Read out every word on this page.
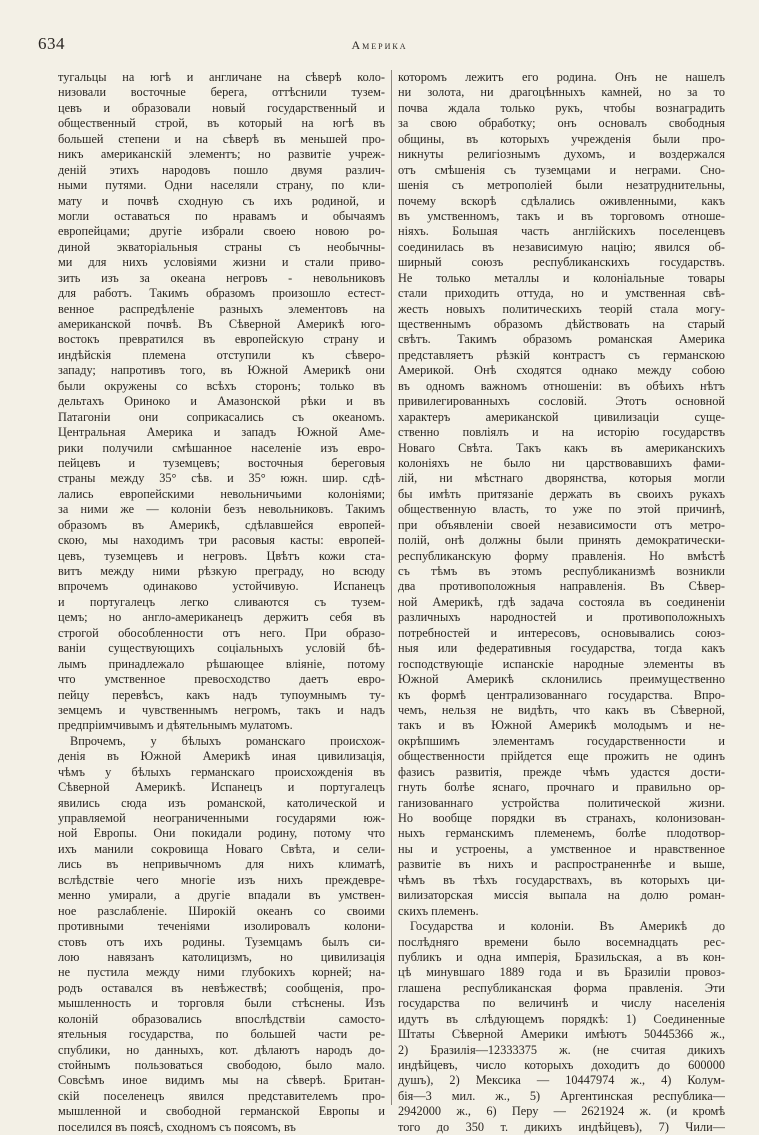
634	Америка
тугальцы на югѣ и англичане на сѣверѣ коло-
низовали восточные берега, оттѣснили тузем-
цевъ и образовали новый государственный и
общественный строй, въ который на югѣ въ
большей степени и на сѣверѣ въ меньшей про-
никъ американскій элементъ; но развитіе учреж-
деній этихъ народовъ пошло двумя различ-
ными путями. Одни населяли страну, по кли-
мату и почвѣ сходную съ ихъ родиной, и
могли оставаться по нравамъ и обычаямъ
европейцами; другіе избрали своею новою ро-
диной экваторіальныя страны съ необычны-
ми для нихъ условіями жизни и стали приво-
зить изъ за океана негровъ - невольниковъ
для работъ. Такимъ образомъ произошло естест-
венное распредѣленіе разныхъ элементовъ на
американской почвѣ. Въ Сѣверной Америкѣ юго-
востокъ превратился въ европейскую страну и
индѣйскія племена отступили къ сѣверо-
западу; напротивъ того, въ Южной Америкѣ они
были окружены со всѣхъ сторонъ; только въ
дельтахъ Ориноко и Амазонской рѣки и въ
Патагоніи они соприкасались съ океаномъ.
Центральная Америка и западъ Южной Аме-
рики получили смѣшанное населеніе изъ евро-
пейцевъ и туземцевъ; восточныя береговыя
страны между 35° сѣв. и 35° южн. шир. сдѣ-
лались европейскими невольничьими колоніями;
за ними же — колоніи безъ невольниковъ. Такимъ
образомъ въ Америкѣ, сдѣлавшейся европей-
скою, мы находимъ три расовыя касты: европей-
цевъ, туземцевъ и негровъ. Цвѣтъ кожи ста-
витъ между ними рѣзкую преграду, но всюду
впрочемъ одинаково устойчивую. Испанецъ
и португалецъ легко сливаются съ тузем-
цемъ; но англо-американецъ держитъ себя въ
строгой обособленности отъ него. При образо-
ваніи существующихъ соціальныхъ условій бѣ-
лымъ принадлежало рѣшающее вліяніе, потому
что умственное превосходство даетъ евро-
пейцу перевѣсъ, какъ надъ тупоумнымъ ту-
земцемъ и чувственнымъ негромъ, такъ и надъ
предпріимчивымъ и дѣятельнымъ мулатомъ.
Впрочемъ, у бѣлыхъ романскаго происхож-
денія въ Южной Америкѣ иная цивилизація,
чѣмъ у бѣлыхъ германскаго происхожденія въ
Сѣверной Америкѣ. Испанецъ и португалецъ
явились сюда изъ романской, католической и
управляемой неограниченными государями юж-
ной Европы. Они покидали родину, потому что
ихъ манили сокровища Новаго Свѣта, и сели-
лись въ непривычномъ для нихъ климатѣ,
вслѣдствіе чего многіе изъ нихъ преждевре-
менно умирали, а другіе впадали въ умствен-
ное разслабленіе. Широкій океанъ со своими
противными теченіями изолировалъ колони-
стовъ отъ ихъ родины. Туземцамъ былъ си-
лою навязанъ католицизмъ, но цивилизація
не пустила между ними глубокихъ корней; на-
родъ оставался въ невѣжествѣ; сообщенія, про-
мышленность и торговля были стѣснены. Изъ
колоній образовались впослѣдствіи самосто-
ятельныя государства, по большей части ре-
спублики, но данныхъ, кот. дѣлаютъ народъ до-
стойнымъ пользоваться свободою, было мало.
Совсѣмъ иное видимъ мы на сѣверѣ. Британ-
скій поселенецъ явился представителемъ про-
мышленной и свободной германской Европы и
поселился въ поясѣ, сходномъ съ поясомъ, въ
которомъ лежитъ его родина. Онъ не нашелъ
ни золота, ни драгоцѣнныхъ камней, но за то
почва ждала только рукъ, чтобы вознаградить
за свою обработку; онъ основалъ свободныя
общины, въ которыхъ учрежденія были про-
никнуты религіознымъ духомъ, и воздержался
отъ смѣшенія съ туземцами и неграми. Сно-
шенія съ метрополіей были незатруднительны,
почему вскорѣ сдѣлались оживленными, какъ
въ умственномъ, такъ и въ торговомъ отноше-
ніяхъ. Большая часть англійскихъ поселенцевъ
соединилась въ независимую націю; явился об-
ширный союзъ республиканскихъ государствъ.
Не только металлы и колоніальные товары
стали приходить оттуда, но и умственная свѣ-
жесть новыхъ политическихъ теорій стала могу-
щественнымъ образомъ дѣйствовать на старый
свѣтъ. Такимъ образомъ романская Америка
представляетъ рѣзкій контрастъ съ германскою
Америкой. Онѣ сходятся однако между собою
въ одномъ важномъ отношеніи: въ обѣихъ нѣтъ
привилегированныхъ сословій. Этотъ основной
характеръ американской цивилизаціи суще-
ственно повліялъ и на исторію государствъ
Новаго Свѣта. Такъ какъ въ американскихъ
колоніяхъ не было ни царствовавшихъ фами-
лій, ни мѣстнаго дворянства, которыя могли
бы имѣть притязаніе держать въ своихъ рукахъ
общественную власть, то уже по этой причинѣ,
при объявленіи своей независимости отъ метро-
полій, онѣ должны были принять демократически-
республиканскую форму правленія. Но вмѣстѣ
съ тѣмъ въ этомъ республиканизмѣ возникли
два противоположныя направленія. Въ Сѣвер-
ной Америкѣ, гдѣ задача состояла въ соединеніи
различныхъ народностей и противоположныхъ
потребностей и интересовъ, основывались союз-
ныя или федеративныя государства, тогда какъ
господствующіе испанскіе народные элементы въ
Южной Америкѣ склонились преимущественно
къ формѣ централизованнаго государства. Впро-
чемъ, нельзя не видѣть, что какъ въ Сѣверной,
такъ и въ Южной Америкѣ молодымъ и не-
окрѣпшимъ элементамъ государственности и
общественности прійдется еще прожить не одинъ
фазисъ развитія, прежде чѣмъ удастся дости-
гнуть болѣе яснаго, прочнаго и правильно ор-
ганизованнаго устройства политической жизни.
Но вообще порядки въ странахъ, колонизован-
ныхъ германскимъ племенемъ, болѣе плодотвор-
ны и устроены, а умственное и нравственное
развитіе въ нихъ и распространеннѣе и выше,
чѣмъ въ тѣхъ государствахъ, въ которыхъ ци-
вилизаторская миссія выпала на долю роман-
скихъ племенъ.
Государства и колоніи. Въ Америкѣ до
послѣдняго времени было восемнадцать рес-
публикъ и одна имперія, Бразильская, а въ кон-
цѣ минувшаго 1889 года и въ Бразиліи провоз-
глашена республиканская форма правленія. Эти
государства по величинѣ и числу населенія
идутъ въ слѣдующемъ порядкѣ: 1) Соединенные
Штаты Сѣверной Америки имѣютъ 50445366 ж.,
2) Бразилія—12333375 ж. (не считая дикихъ
индѣйцевъ, число которыхъ доходитъ до 600000
душъ), 2) Мексика — 10447974 ж., 4) Колум-
бія—3 мил. ж., 5) Аргентинская республика—
2942000 ж., 6) Перу — 2621924 ж. (и кромѣ
того до 350 т. дикихъ индѣйцевъ), 7) Чили—
